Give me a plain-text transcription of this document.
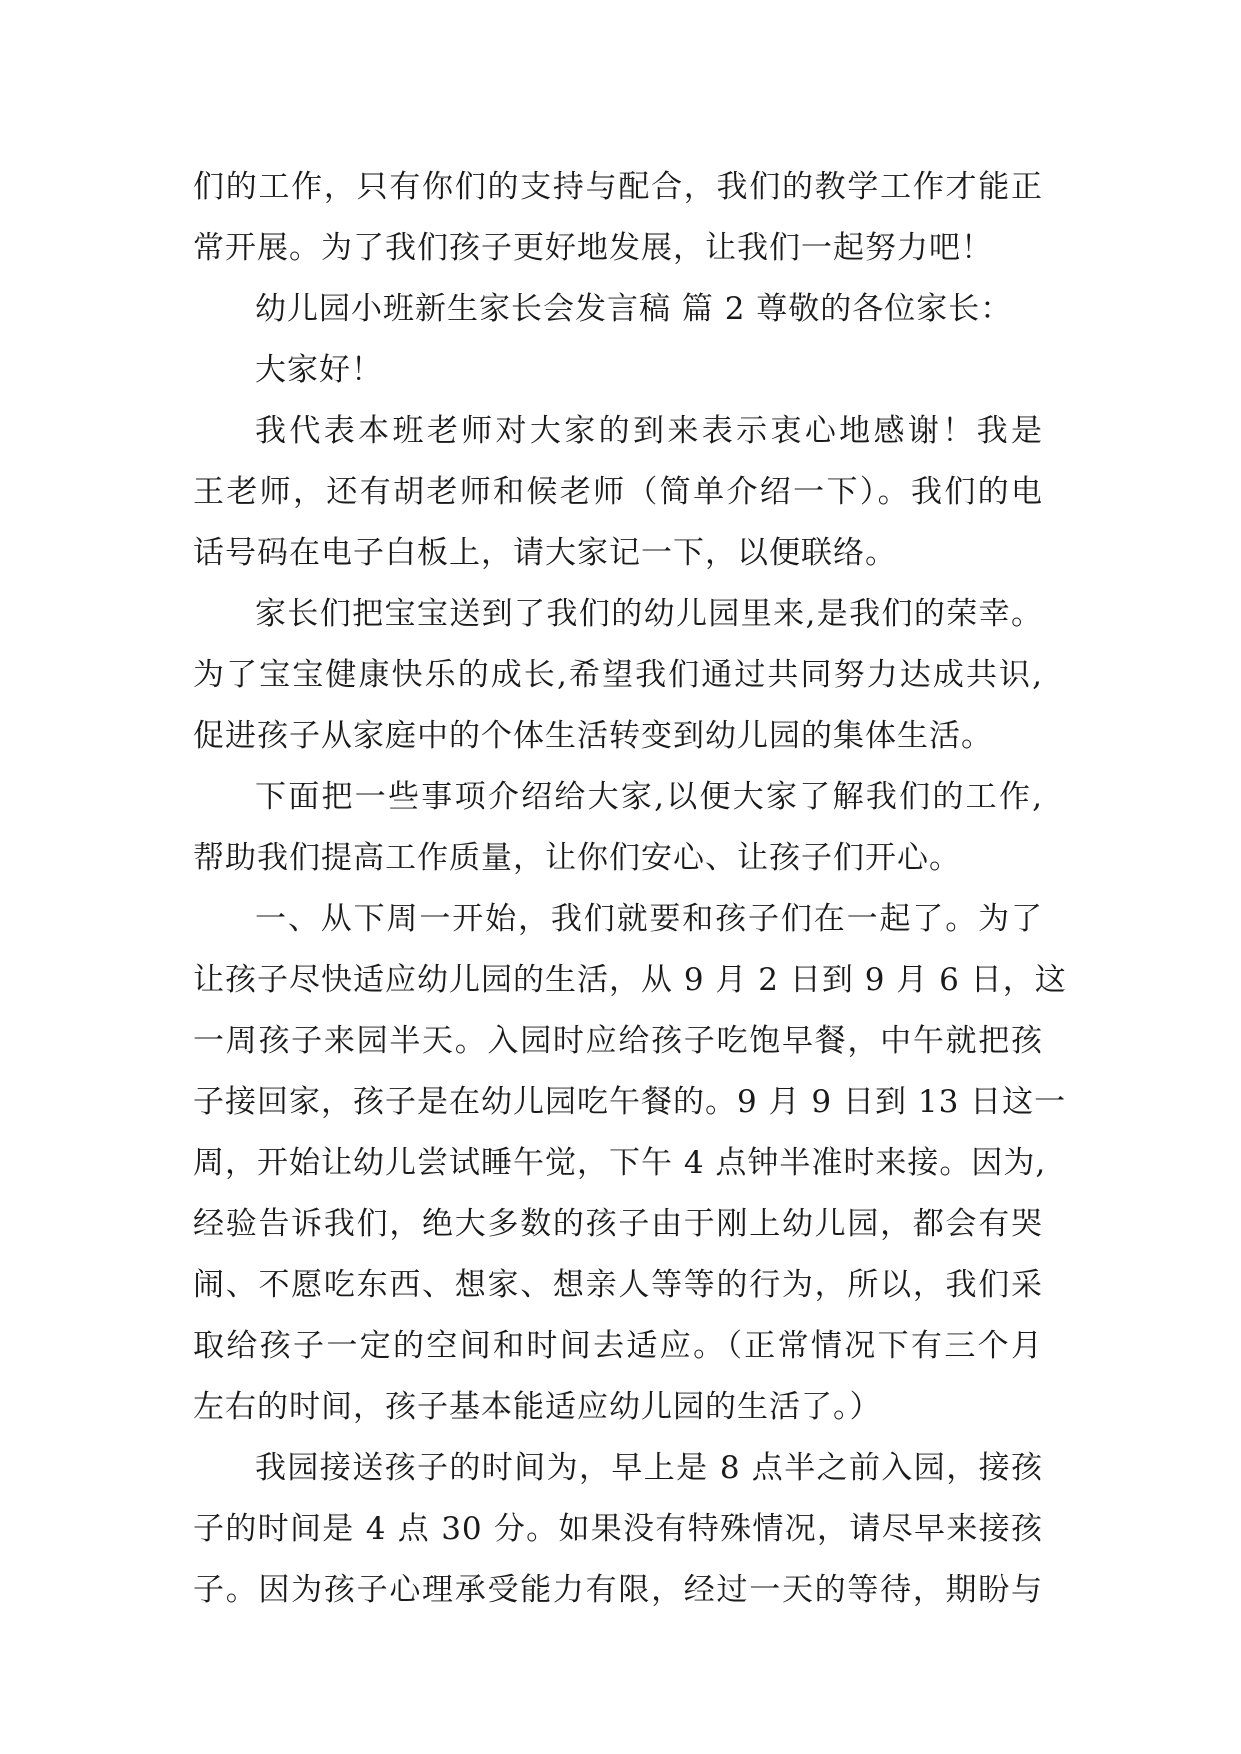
们的工作，只有你们的支持与配合，我们的教学工作才能正
常开展。为了我们孩子更好地发展，让我们一起努力吧！
幼儿园小班新生家长会发言稿 篇 2 尊敬的各位家长：
大家好！
我代表本班老师对大家的到来表示衷心地感谢！我是
王老师，还有胡老师和候老师（简单介绍一下）。我们的电
话号码在电子白板上，请大家记一下，以便联络。
家长们把宝宝送到了我们的幼儿园里来,是我们的荣幸。
为了宝宝健康快乐的成长,希望我们通过共同努力达成共识,
促进孩子从家庭中的个体生活转变到幼儿园的集体生活。
下面把一些事项介绍给大家,以便大家了解我们的工作,
帮助我们提高工作质量，让你们安心、让孩子们开心。
一、从下周一开始，我们就要和孩子们在一起了。为了
让孩子尽快适应幼儿园的生活，从 9 月 2 日到 9 月 6 日，这
一周孩子来园半天。入园时应给孩子吃饱早餐，中午就把孩
子接回家，孩子是在幼儿园吃午餐的。9 月 9 日到 13 日这一
周，开始让幼儿尝试睡午觉，下午 4 点钟半准时来接。因为,
经验告诉我们，绝大多数的孩子由于刚上幼儿园，都会有哭
闹、不愿吃东西、想家、想亲人等等的行为，所以，我们采
取给孩子一定的空间和时间去适应。（正常情况下有三个月
左右的时间，孩子基本能适应幼儿园的生活了。）
我园接送孩子的时间为，早上是 8 点半之前入园，接孩
子的时间是 4 点 30 分。如果没有特殊情况，请尽早来接孩
子。因为孩子心理承受能力有限，经过一天的等待，期盼与
